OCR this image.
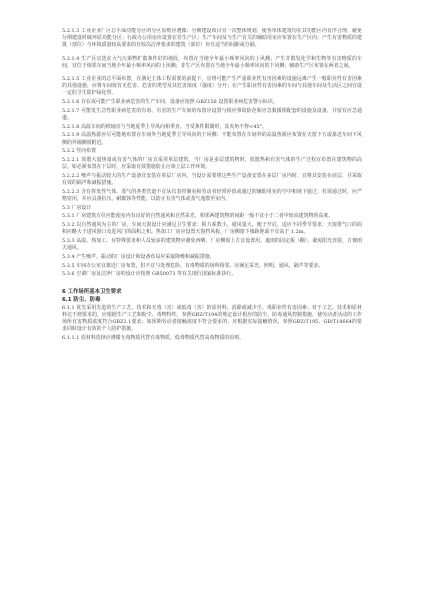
5.2.1.3 工业企业厂区总平面功能分区的分区原则应遵循：分期建设项目宜一次整体规划，使各单体建筑均在其功能区内有序合理，避免分期建设时破坏原功能分区；行政办公用房应设置在非生产区；生产车间及与生产有关的辅助用室应布置在生产区内；产生有害物质的建筑（部位）与环境质量较高要求的有较高洁净要求的建筑（部位）应有适当的间距或分隔。

5.2.1.4 生产区宜选在大气污染物扩散条件好的地段，布置在当地全年最小频率风向的上风侧；产生并散发化学和生物等有害物质的车间，宜位于相邻车间当地全年最小频率风向的上风侧；非生产区布置在当地全年最小频率风向的下风侧；辅助生产区布置在两者之间。

5.2.1.5 工业企业的总平面布置，在满足主体工程需要的前提下，宜将可能产生严重职业性有害因素的设施远离产生一般职业性有害因素的其他设施，应将车间按有无危害、危害的类型及其危害浓度（强度）分开；在产生职业性有害因素的车间与其他车间及生活区之间宜设一定的卫生防护绿化带。

5.2.1.6 存在或可能产生职业病危害的生产车间、设备应按照 GBZ158 设置职业病危害警示标识。

5.2.1.7 可能发生急性职业病危害的有毒、有害的生产车间的布置应设置与相应事故防范和应急救援相配套的设施及设备，并留有应急通道。

5.2.1.8 高温车间的纵轴宜与当地夏季主导风向相垂直。当受条件限制时，其夹角不得<45°。

5.2.1.9 高温热源应尽可能地布置在车间外当地夏季主导风向的下风侧；不能布置在车间外的高温热源应布置在天窗下方或靠近车间下风侧的外墙侧窗附近。

5.2.2 竖向布置

5.2.2.1 放散大量热量或有害气体的厂房宜采用单层建筑。当厂房是多层建筑物时，放散热和有害气体的生产过程宜布置在建筑物的高层。如必须布置在下层时，应采取有效措施防止污染上层工作环境。

5.2.2.2 噪声与振动较大的生产设备宜安装在单层厂房内。当设计需要将这些生产设备安置在多层厂房内时，宜将其安装在底层，并采取有效的隔声和减振措施。

5.2.2.3 含有挥发性气体、蒸气的各类管道不宜从仪表控制室和劳动者经常停留或通过的辅助用室的空中和地下通过；若需通过时，应严格密闭，并应具备抗压、耐腐蚀等性能，以防止有害气体或蒸气逸散至室内。

5.3 厂房设计

5.3.1 厂房建筑方位应能使室内有良好的自然通风和自然采光，相邻两建筑物的间距一般不宜小于二者中较高建筑物的高度。

5.3.2 以自然通风为主的厂房，车间天窗设计应满足卫生要求：阻力系数小，通风量大，便于开启，适应不同季节要求，天窗排气口的面积应略大于进风窗口及进风门的面积之和。热加工厂房应设置天窗挡风板，厂房侧窗下缘距地面不宜高于 1.2m。

5.3.3 高温、热加工、有特殊要求和人员较多的建筑物应避免西晒，厂房侧窗上方宜设置用、遮雨的固定板（棚），避免阳光直射，方便雨天通风。

5.3.4 产生噪声、振动的厂房设计和设备布局应采取降噪和减振措施。

5.3.5 车间办公室宜靠近厂房布置，但不宜与处理危险、有毒物质的场所相邻。应满足采光、照明、通风、隔声等要求。

5.3.6 空调厂房及洁净厂房的设计应按照 GB50073 等有关现行国家标准执行。

6 工作场所基本卫生要求
6.1 防尘、防毒

6.1.1 优先采用先进的生产工艺、技术和无毒（害）或低毒（害）的原材料，消除或减少尘、毒职业性有害因素；对于工艺、技术和原材料达不到要求的，应根据生产工艺和粉尘、毒物特性，参照GBZ/T194的规定设计相应的防尘、防毒通风控制措施，使劳动者活动的工作场所有害物质浓度符合GBZ2.1要求；如预期劳动者接触浓度不符合要求的，应根据实际接触情况，参照GBZ/T195、GB/T18664的要求同时设计有效的个人防护措施。

6.1.1.1 原材料选择应遵循无毒物质代替有毒物质，低毒物质代替高毒物质的原则。
